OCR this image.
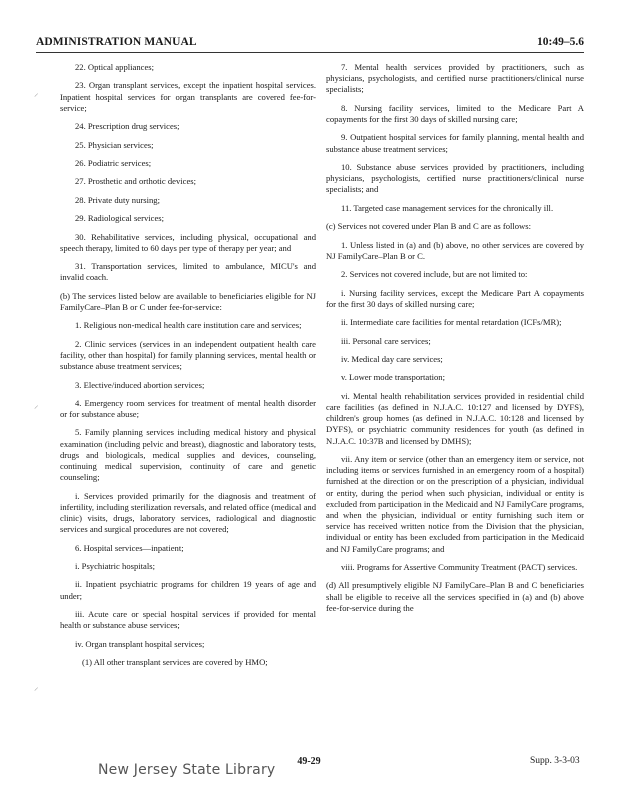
ADMINISTRATION MANUAL	10:49–5.6
⸝
⸝
⸝

22. Optical appliances;

23. Organ transplant services, except the inpatient hospital services. Inpatient hospital services for organ transplants are covered fee-for-service;

24. Prescription drug services;

25. Physician services;

26. Podiatric services;

27. Prosthetic and orthotic devices;

28. Private duty nursing;

29. Radiological services;

30. Rehabilitative services, including physical, occupational and speech therapy, limited to 60 days per type of therapy per year; and

31. Transportation services, limited to ambulance, MICU's and invalid coach.

(b) The services listed below are available to beneficiaries eligible for NJ FamilyCare–Plan B or C under fee-for-service:

1. Religious non-medical health care institution care and services;

2. Clinic services (services in an independent outpatient health care facility, other than hospital) for family planning services, mental health or substance abuse treatment services;

3. Elective/induced abortion services;

4. Emergency room services for treatment of mental health disorder or for substance abuse;

5. Family planning services including medical history and physical examination (including pelvic and breast), diagnostic and laboratory tests, drugs and biologicals, medical supplies and devices, counseling, continuing medical supervision, continuity of care and genetic counseling;

i. Services provided primarily for the diagnosis and treatment of infertility, including sterilization reversals, and related office (medical and clinic) visits, drugs, laboratory services, radiological and diagnostic services and surgical procedures are not covered;

6. Hospital services—inpatient;

i. Psychiatric hospitals;

ii. Inpatient psychiatric programs for children 19 years of age and under;

iii. Acute care or special hospital services if provided for mental health or substance abuse services;

iv. Organ transplant hospital services;

(1) All other transplant services are covered by HMO;

7. Mental health services provided by practitioners, such as physicians, psychologists, and certified nurse practitioners/clinical nurse specialists;

8. Nursing facility services, limited to the Medicare Part A copayments for the first 30 days of skilled nursing care;

9. Outpatient hospital services for family planning, mental health and substance abuse treatment services;

10. Substance abuse services provided by practitioners, including physicians, psychologists, certified nurse practitioners/clinical nurse specialists; and

11. Targeted case management services for the chronically ill.

(c) Services not covered under Plan B and C are as follows:

1. Unless listed in (a) and (b) above, no other services are covered by NJ FamilyCare–Plan B or C.

2. Services not covered include, but are not limited to:

i. Nursing facility services, except the Medicare Part A copayments for the first 30 days of skilled nursing care;

ii. Intermediate care facilities for mental retardation (ICFs/MR);

iii. Personal care services;

iv. Medical day care services;

v. Lower mode transportation;

vi. Mental health rehabilitation services provided in residential child care facilities (as defined in N.J.A.C. 10:127 and licensed by DYFS), children's group homes (as defined in N.J.A.C. 10:128 and licensed by DYFS), or psychiatric community residences for youth (as defined in N.J.A.C. 10:37B and licensed by DMHS);

vii. Any item or service (other than an emergency item or service, not including items or services furnished in an emergency room of a hospital) furnished at the direction or on the prescription of a physician, individual or entity, during the period when such physician, individual or entity is excluded from participation in the Medicaid and NJ FamilyCare programs, and when the physician, individual or entity furnishing such item or service has received written notice from the Division that the physician, individual or entity has been excluded from participation in the Medicaid and NJ FamilyCare programs; and

viii. Programs for Assertive Community Treatment (PACT) services.

(d) All presumptively eligible NJ FamilyCare–Plan B and C beneficiaries shall be eligible to receive all the services specified in (a) and (b) above fee-for-service during the

New Jersey State Library
49-29	Supp. 3-3-03
